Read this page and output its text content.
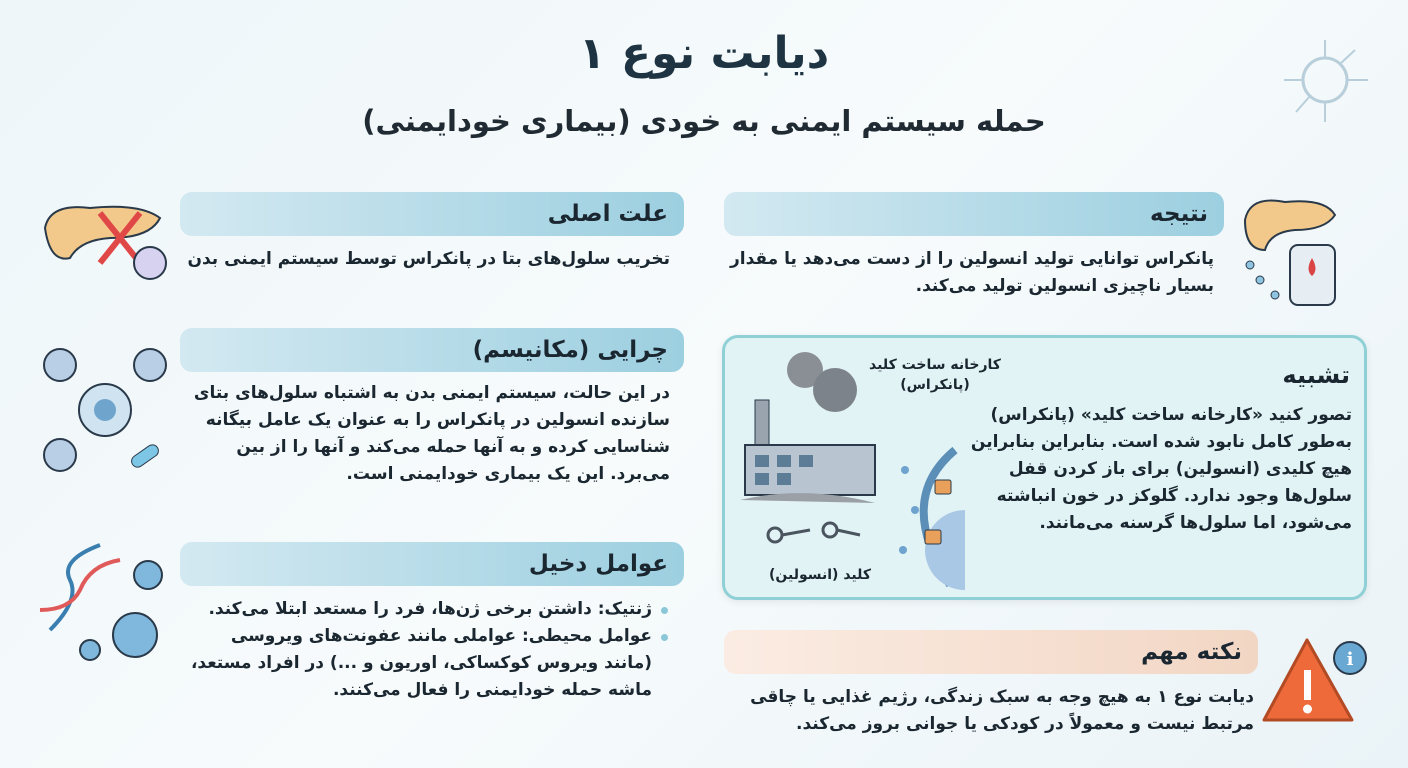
دیابت نوع ۱
حمله سیستم ایمنی به خودی (بیماری خودایمنی)
علت اصلی
تخریب سلول‌های بتا در پانکراس توسط سیستم ایمنی بدن
چرایی (مکانیسم)
در این حالت، سیستم ایمنی بدن به اشتباه سلول‌های بتای سازنده انسولین در پانکراس را به عنوان یک عامل بیگانه شناسایی کرده و به آنها حمله می‌کند و آنها را از بین می‌برد. این یک بیماری خودایمنی است.
عوامل دخیل
ژنتیک: داشتن برخی ژن‌ها، فرد را مستعد ابتلا می‌کند.
عوامل محیطی: عواملی مانند عفونت‌های ویروسی (مانند ویروس کوکساکی، اوریون و ...) در افراد مستعد، ماشه حمله خودایمنی را فعال می‌کنند.
نتیجه
پانکراس توانایی تولید انسولین را از دست می‌دهد یا مقدار بسیار ناچیزی انسولین تولید می‌کند.
تشبیه
تصور کنید «کارخانه ساخت کلید» (پانکراس) به‌طور کامل نابود شده است. بنابراین بنابراین هیچ کلیدی (انسولین) برای باز کردن قفل سلول‌ها وجود ندارد. گلوکز در خون انباشته می‌شود، اما سلول‌ها گرسنه می‌مانند.
کارخانه ساخت کلید (پانکراس)
کلید (انسولین)
نکته مهم
دیابت نوع ۱ به هیچ وجه به سبک زندگی، رژیم غذایی یا چاقی مرتبط نیست و معمولاً در کودکی یا جوانی بروز می‌کند.
i
